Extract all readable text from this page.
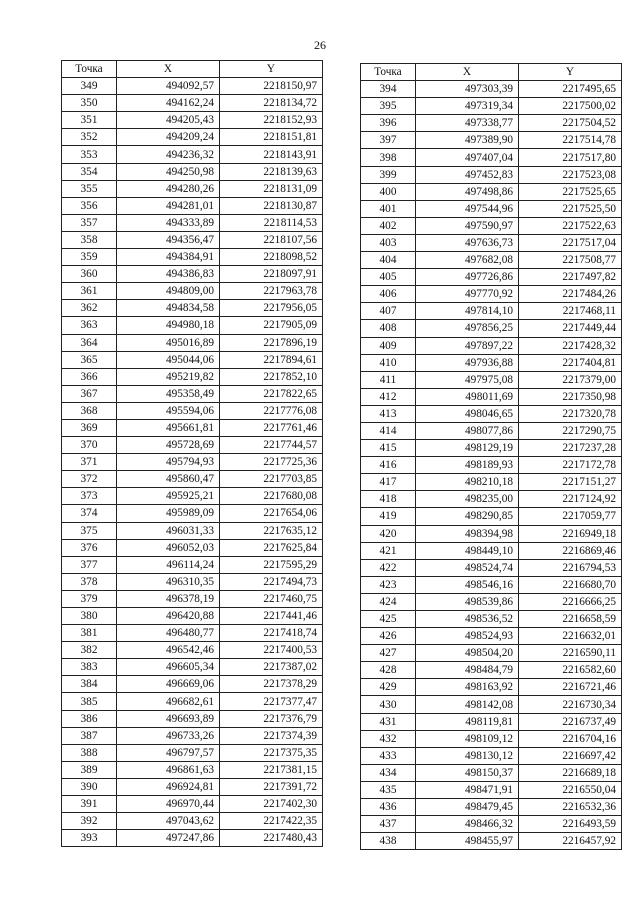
26
Точка	X	Y
349	494092,57	2218150,97
350	494162,24	2218134,72
351	494205,43	2218152,93
352	494209,24	2218151,81
353	494236,32	2218143,91
354	494250,98	2218139,63
355	494280,26	2218131,09
356	494281,01	2218130,87
357	494333,89	2218114,53
358	494356,47	2218107,56
359	494384,91	2218098,52
360	494386,83	2218097,91
361	494809,00	2217963,78
362	494834,58	2217956,05
363	494980,18	2217905,09
364	495016,89	2217896,19
365	495044,06	2217894,61
366	495219,82	2217852,10
367	495358,49	2217822,65
368	495594,06	2217776,08
369	495661,81	2217761,46
370	495728,69	2217744,57
371	495794,93	2217725,36
372	495860,47	2217703,85
373	495925,21	2217680,08
374	495989,09	2217654,06
375	496031,33	2217635,12
376	496052,03	2217625,84
377	496114,24	2217595,29
378	496310,35	2217494,73
379	496378,19	2217460,75
380	496420,88	2217441,46
381	496480,77	2217418,74
382	496542,46	2217400,53
383	496605,34	2217387,02
384	496669,06	2217378,29
385	496682,61	2217377,47
386	496693,89	2217376,79
387	496733,26	2217374,39
388	496797,57	2217375,35
389	496861,63	2217381,15
390	496924,81	2217391,72
391	496970,44	2217402,30
392	497043,62	2217422,35
393	497247,86	2217480,43
Точка	X	Y
394	497303,39	2217495,65
395	497319,34	2217500,02
396	497338,77	2217504,52
397	497389,90	2217514,78
398	497407,04	2217517,80
399	497452,83	2217523,08
400	497498,86	2217525,65
401	497544,96	2217525,50
402	497590,97	2217522,63
403	497636,73	2217517,04
404	497682,08	2217508,77
405	497726,86	2217497,82
406	497770,92	2217484,26
407	497814,10	2217468,11
408	497856,25	2217449,44
409	497897,22	2217428,32
410	497936,88	2217404,81
411	497975,08	2217379,00
412	498011,69	2217350,98
413	498046,65	2217320,78
414	498077,86	2217290,75
415	498129,19	2217237,28
416	498189,93	2217172,78
417	498210,18	2217151,27
418	498235,00	2217124,92
419	498290,85	2217059,77
420	498394,98	2216949,18
421	498449,10	2216869,46
422	498524,74	2216794,53
423	498546,16	2216680,70
424	498539,86	2216666,25
425	498536,52	2216658,59
426	498524,93	2216632,01
427	498504,20	2216590,11
428	498484,79	2216582,60
429	498163,92	2216721,46
430	498142,08	2216730,34
431	498119,81	2216737,49
432	498109,12	2216704,16
433	498130,12	2216697,42
434	498150,37	2216689,18
435	498471,91	2216550,04
436	498479,45	2216532,36
437	498466,32	2216493,59
438	498455,97	2216457,92
